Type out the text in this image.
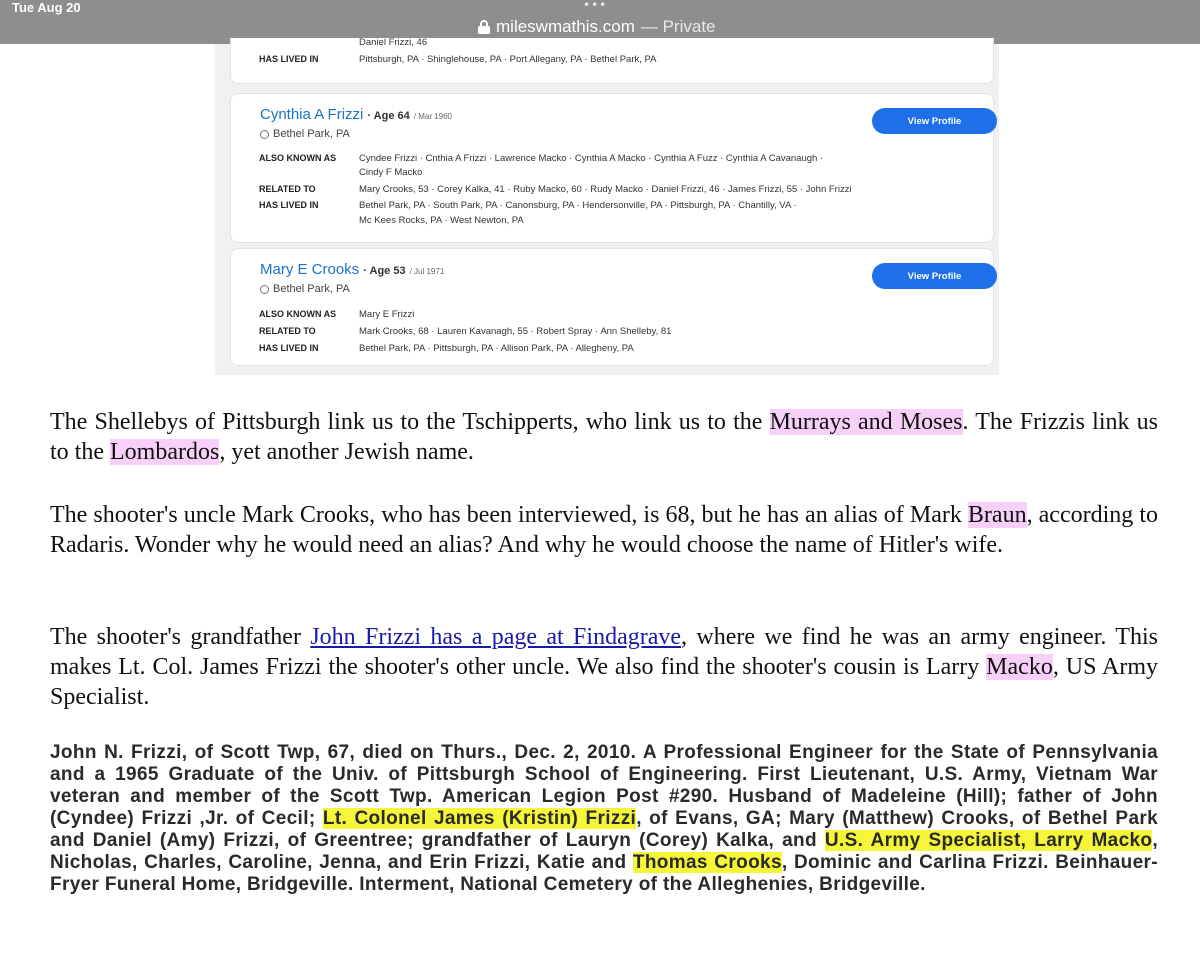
Tue Aug 20	•••
mileswmathis.com — Private
Daniel Frizzi, 46
HAS LIVED IN	Pittsburgh, PA · Shinglehouse, PA · Port Allegany, PA · Bethel Park, PA
Cynthia A Frizzi · Age 64 / Mar 1960
Bethel Park, PA
View Profile
ALSO KNOWN AS	Cyndee Frizzi · Cnthia A Frizzi · Lawrence Macko · Cynthia A Macko · Cynthia A Fuzz · Cynthia A Cavanaugh ·
Cindy F Macko
RELATED TO	Mary Crooks, 53 · Corey Kalka, 41 · Ruby Macko, 60 · Rudy Macko · Daniel Frizzi, 46 · James Frizzi, 55 · John Frizzi
HAS LIVED IN	Bethel Park, PA · South Park, PA · Canonsburg, PA · Hendersonville, PA · Pittsburgh, PA · Chantilly, VA ·
Mc Kees Rocks, PA · West Newton, PA
Mary E Crooks · Age 53 / Jul 1971
Bethel Park, PA
View Profile
ALSO KNOWN AS	Mary E Frizzi
RELATED TO	Mark Crooks, 68 · Lauren Kavanagh, 55 · Robert Spray · Ann Shelleby, 81
HAS LIVED IN	Bethel Park, PA · Pittsburgh, PA · Allison Park, PA · Allegheny, PA

The Shellebys of Pittsburgh link us to the Tschipperts, who link us to the Murrays and Moses. The Frizzis link us to the Lombardos, yet another Jewish name.

The shooter's uncle Mark Crooks, who has been interviewed, is 68, but he has an alias of Mark Braun, according to Radaris. Wonder why he would need an alias? And why he would choose the name of Hitler's wife.

The shooter's grandfather John Frizzi has a page at Findagrave, where we find he was an army engineer. This makes Lt. Col. James Frizzi the shooter's other uncle. We also find the shooter's cousin is Larry Macko, US Army Specialist.

John N. Frizzi, of Scott Twp, 67, died on Thurs., Dec. 2, 2010. A Professional Engineer for the State of Pennsylvania and a 1965 Graduate of the Univ. of Pittsburgh School of Engineering. First Lieutenant, U.S. Army, Vietnam War veteran and member of the Scott Twp. American Legion Post #290. Husband of Madeleine (Hill); father of John (Cyndee) Frizzi ,Jr. of Cecil; Lt. Colonel James (Kristin) Frizzi, of Evans, GA; Mary (Matthew) Crooks, of Bethel Park and Daniel (Amy) Frizzi, of Greentree; grandfather of Lauryn (Corey) Kalka, and U.S. Army Specialist, Larry Macko, Nicholas, Charles, Caroline, Jenna, and Erin Frizzi, Katie and Thomas Crooks, Dominic and Carlina Frizzi. Beinhauer-Fryer Funeral Home, Bridgeville. Interment, National Cemetery of the Alleghenies, Bridgeville.
